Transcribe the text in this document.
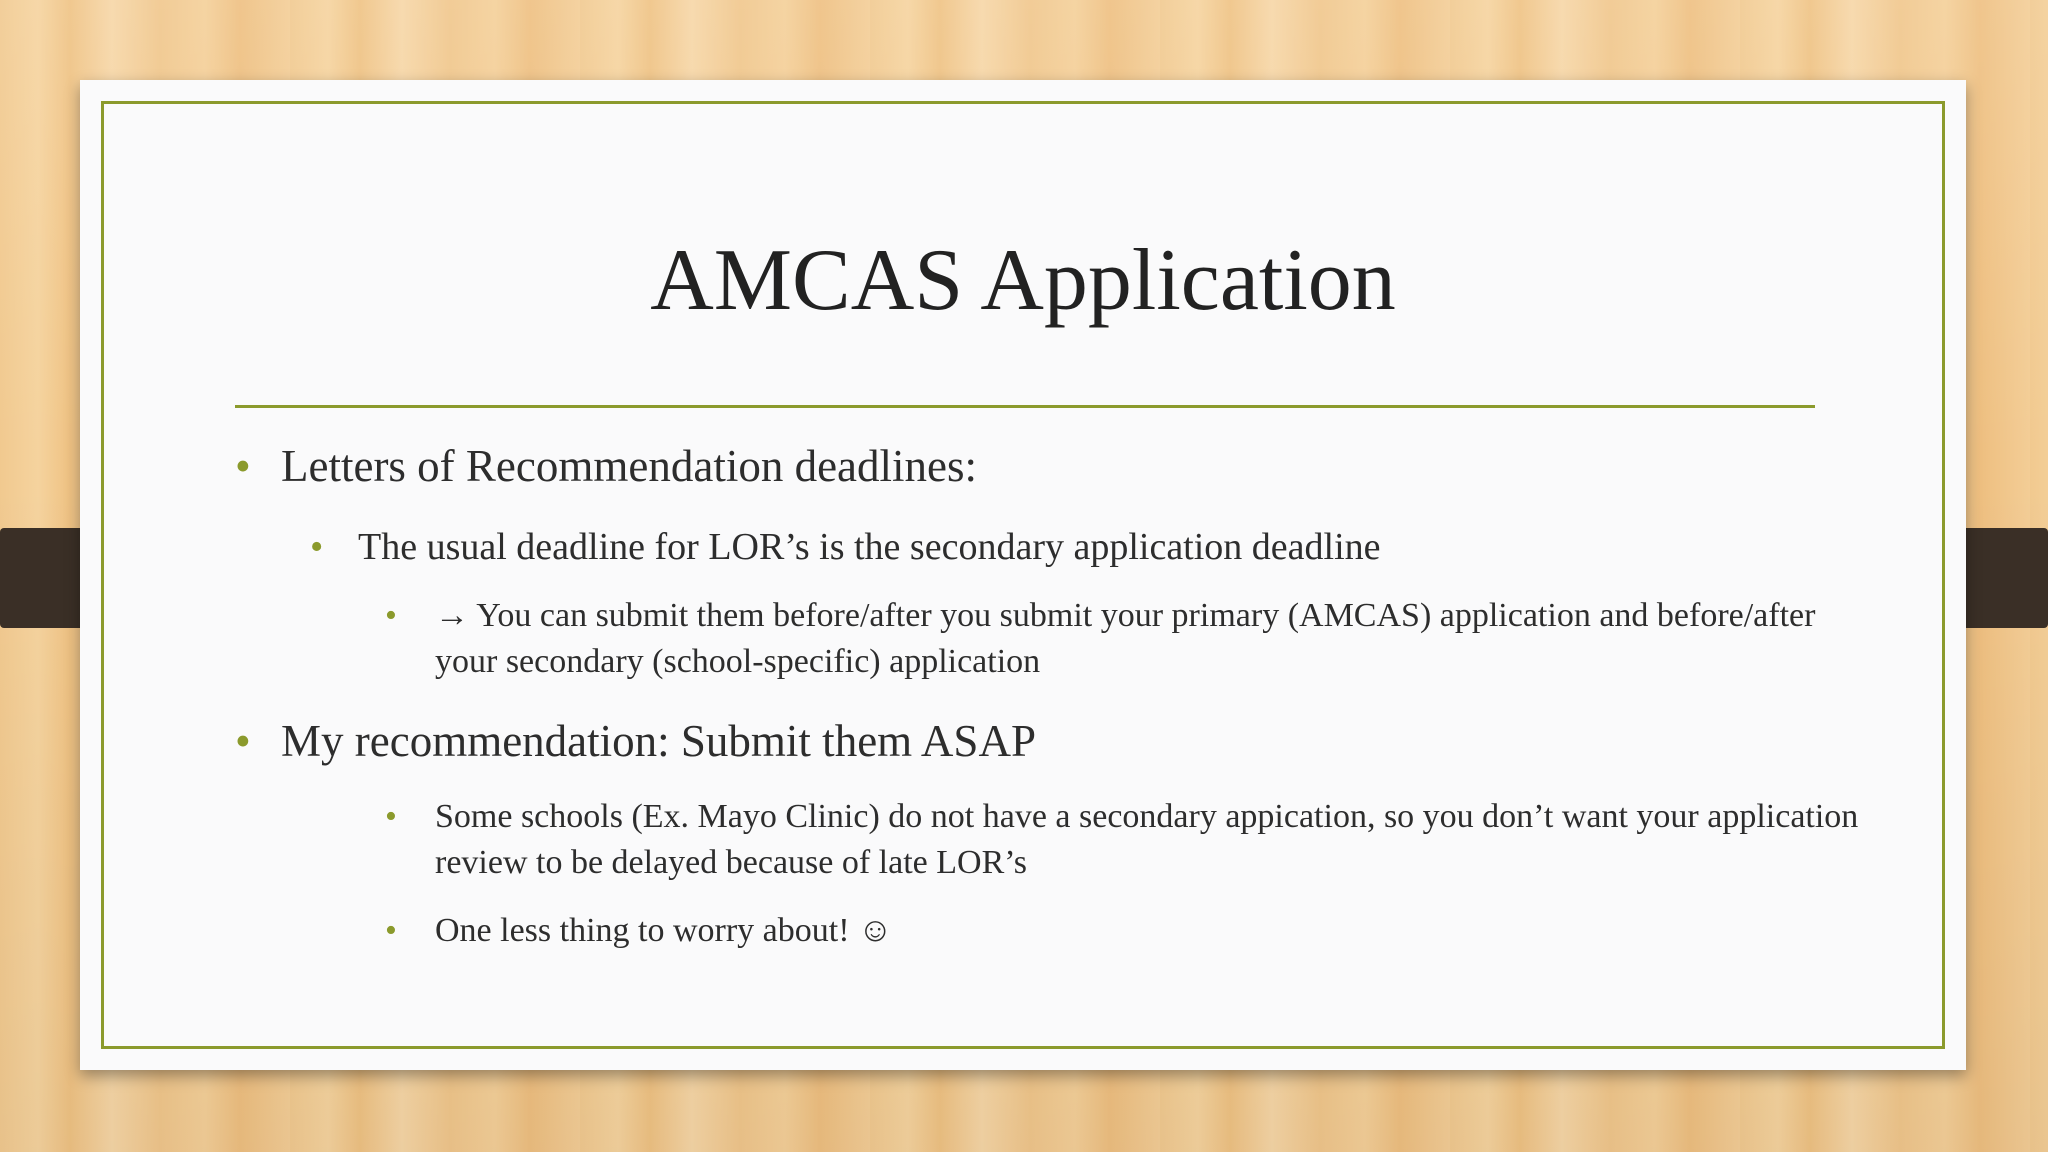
AMCAS Application
• Letters of Recommendation deadlines:
• The usual deadline for LOR’s is the secondary application deadline
• → You can submit them before/after you submit your primary (AMCAS) application and before/after your secondary (school-specific) application
• My recommendation: Submit them ASAP
• Some schools (Ex. Mayo Clinic) do not have a secondary appication, so you don’t want your application review to be delayed because of late LOR’s
• One less thing to worry about! ☺
